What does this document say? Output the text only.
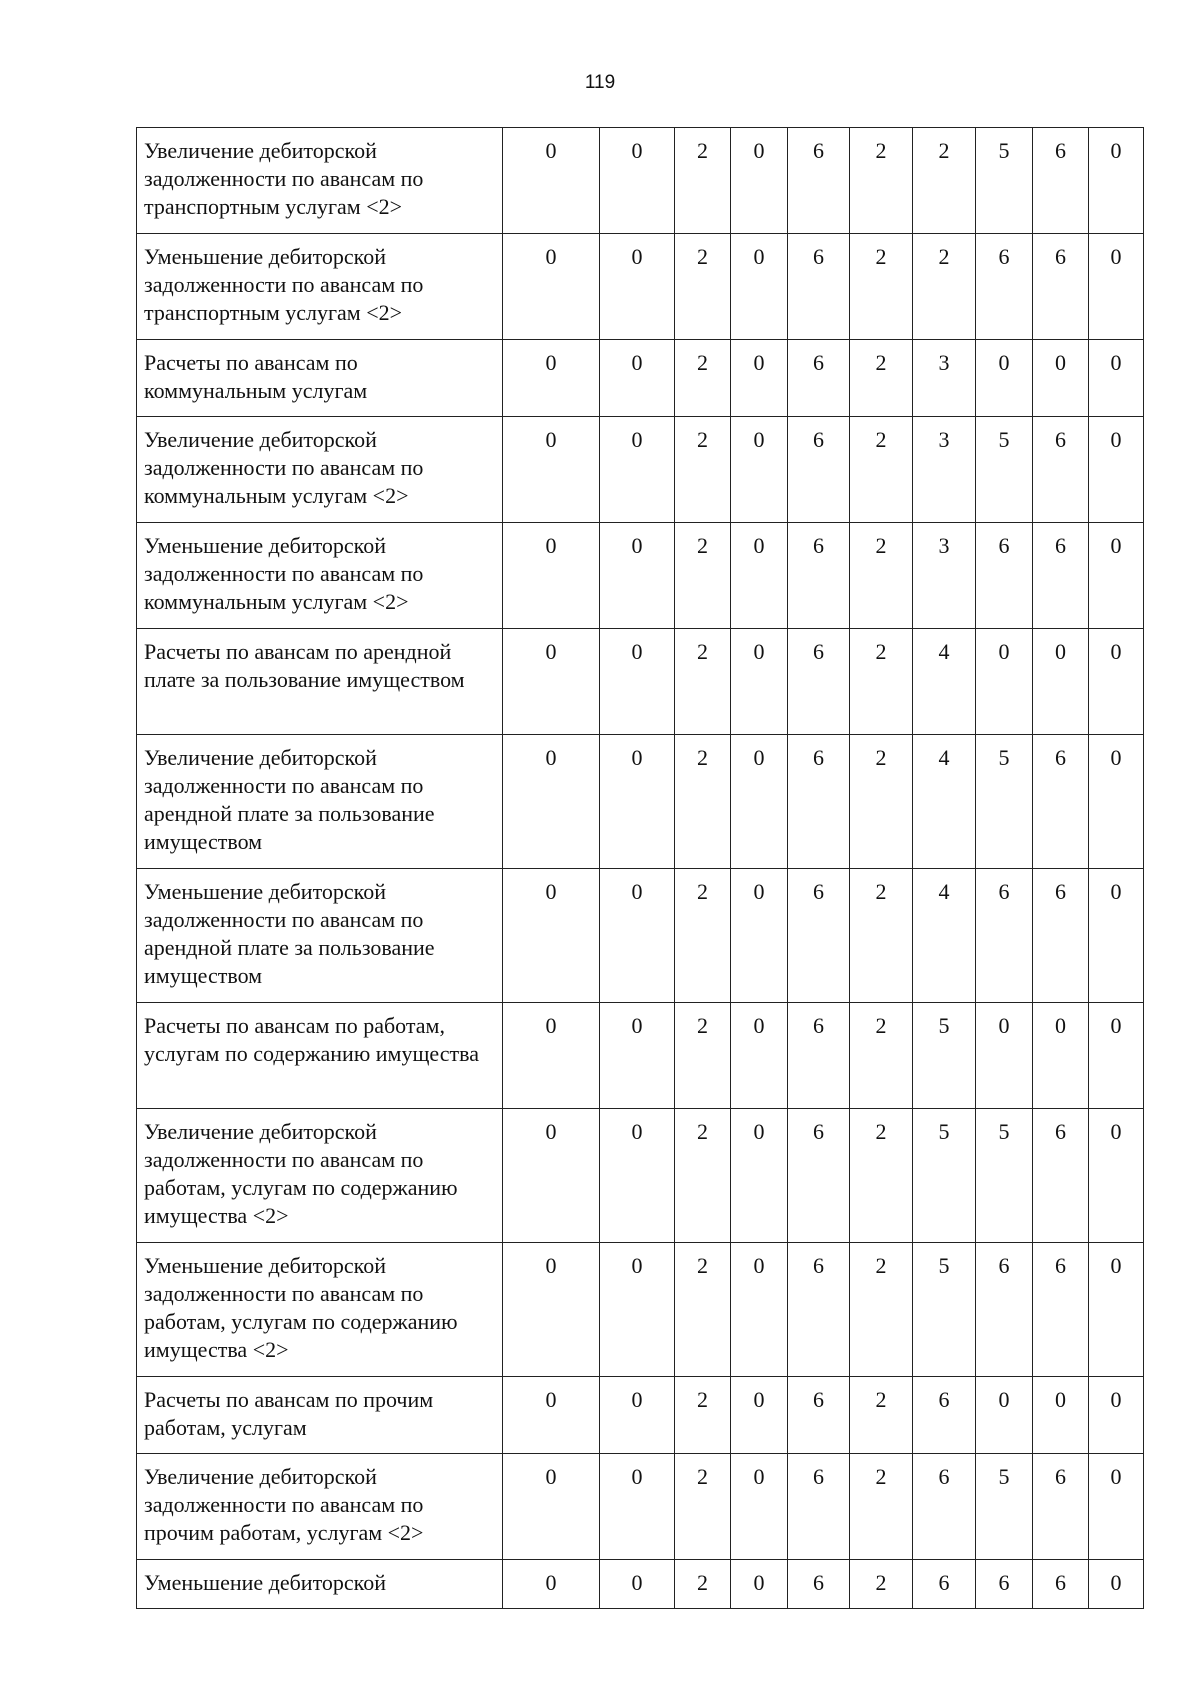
119
Увеличение дебиторской задолженности по авансам по транспортным услугам <2>	0	0	2	0	6	2	2	5	6	0
Уменьшение дебиторской задолженности по авансам по транспортным услугам <2>	0	0	2	0	6	2	2	6	6	0
Расчеты по авансам по коммунальным услугам	0	0	2	0	6	2	3	0	0	0
Увеличение дебиторской задолженности по авансам по коммунальным услугам <2>	0	0	2	0	6	2	3	5	6	0
Уменьшение дебиторской задолженности по авансам по коммунальным услугам <2>	0	0	2	0	6	2	3	6	6	0
Расчеты по авансам по арендной плате за пользование имуществом	0	0	2	0	6	2	4	0	0	0
Увеличение дебиторской задолженности по авансам по арендной плате за пользование имуществом	0	0	2	0	6	2	4	5	6	0
Уменьшение дебиторской задолженности по авансам по арендной плате за пользование имуществом	0	0	2	0	6	2	4	6	6	0
Расчеты по авансам по работам, услугам по содержанию имущества	0	0	2	0	6	2	5	0	0	0
Увеличение дебиторской задолженности по авансам по работам, услугам по содержанию имущества <2>	0	0	2	0	6	2	5	5	6	0
Уменьшение дебиторской задолженности по авансам по работам, услугам по содержанию имущества <2>	0	0	2	0	6	2	5	6	6	0
Расчеты по авансам по прочим работам, услугам	0	0	2	0	6	2	6	0	0	0
Увеличение дебиторской задолженности по авансам по прочим работам, услугам <2>	0	0	2	0	6	2	6	5	6	0
Уменьшение дебиторской	0	0	2	0	6	2	6	6	6	0
